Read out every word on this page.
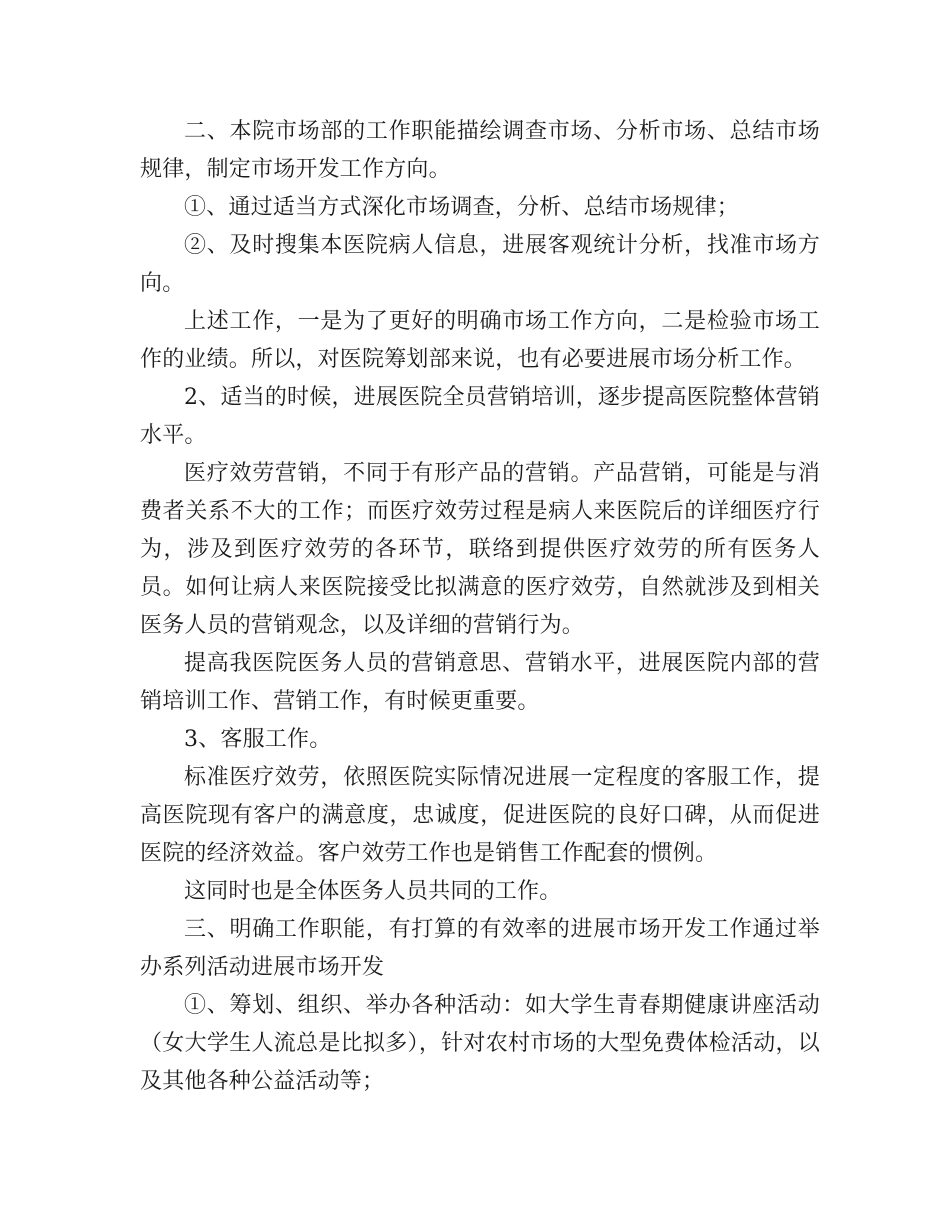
二、本院市场部的工作职能描绘调查市场、分析市场、总结市场规律，制定市场开发工作方向。

①、通过适当方式深化市场调查，分析、总结市场规律；

②、及时搜集本医院病人信息，进展客观统计分析，找准市场方向。

上述工作，一是为了更好的明确市场工作方向，二是检验市场工作的业绩。所以，对医院筹划部来说，也有必要进展市场分析工作。

2、适当的时候，进展医院全员营销培训，逐步提高医院整体营销水平。

医疗效劳营销，不同于有形产品的营销。产品营销，可能是与消费者关系不大的工作；而医疗效劳过程是病人来医院后的详细医疗行为，涉及到医疗效劳的各环节，联络到提供医疗效劳的所有医务人员。如何让病人来医院接受比拟满意的医疗效劳，自然就涉及到相关医务人员的营销观念，以及详细的营销行为。

提高我医院医务人员的营销意思、营销水平，进展医院内部的营销培训工作、营销工作，有时候更重要。

3、客服工作。

标准医疗效劳，依照医院实际情况进展一定程度的客服工作，提高医院现有客户的满意度，忠诚度，促进医院的良好口碑，从而促进医院的经济效益。客户效劳工作也是销售工作配套的惯例。

这同时也是全体医务人员共同的工作。

三、明确工作职能，有打算的有效率的进展市场开发工作通过举办系列活动进展市场开发

①、筹划、组织、举办各种活动：如大学生青春期健康讲座活动（女大学生人流总是比拟多），针对农村市场的大型免费体检活动，以及其他各种公益活动等；
